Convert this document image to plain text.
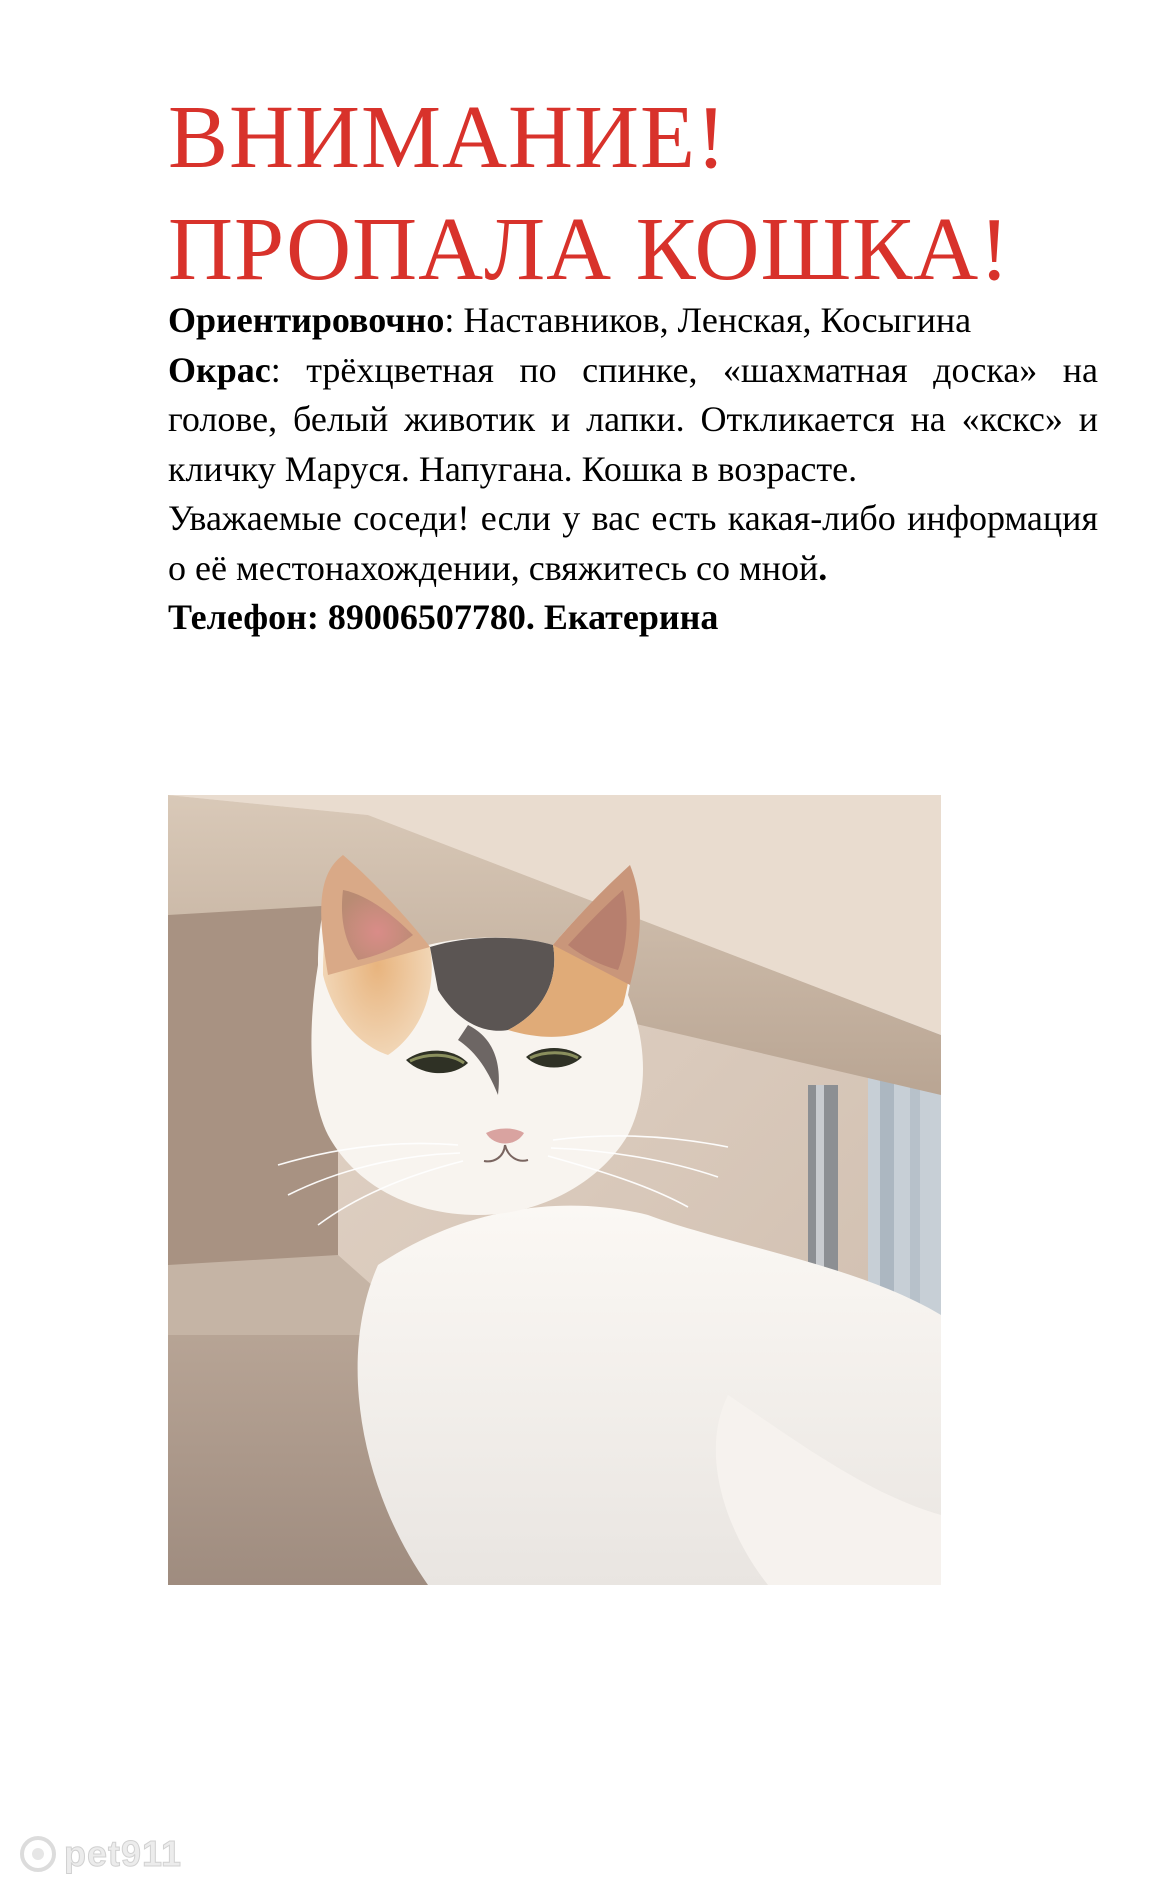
ВНИМАНИЕ!
ПРОПАЛА КОШКА!

Ориентировочно: Наставников, Ленская, Косыгина

Окрас: трёхцветная по спинке, «шахматная доска» на голове, белый животик и лапки. Откликается на «кскс» и кличку Маруся. Напугана. Кошка в возрасте.

Уважаемые соседи! если у вас есть какая-либо информация о её местонахождении, свяжитесь со мной.

Телефон: 89006507780. Екатерина

pet911
